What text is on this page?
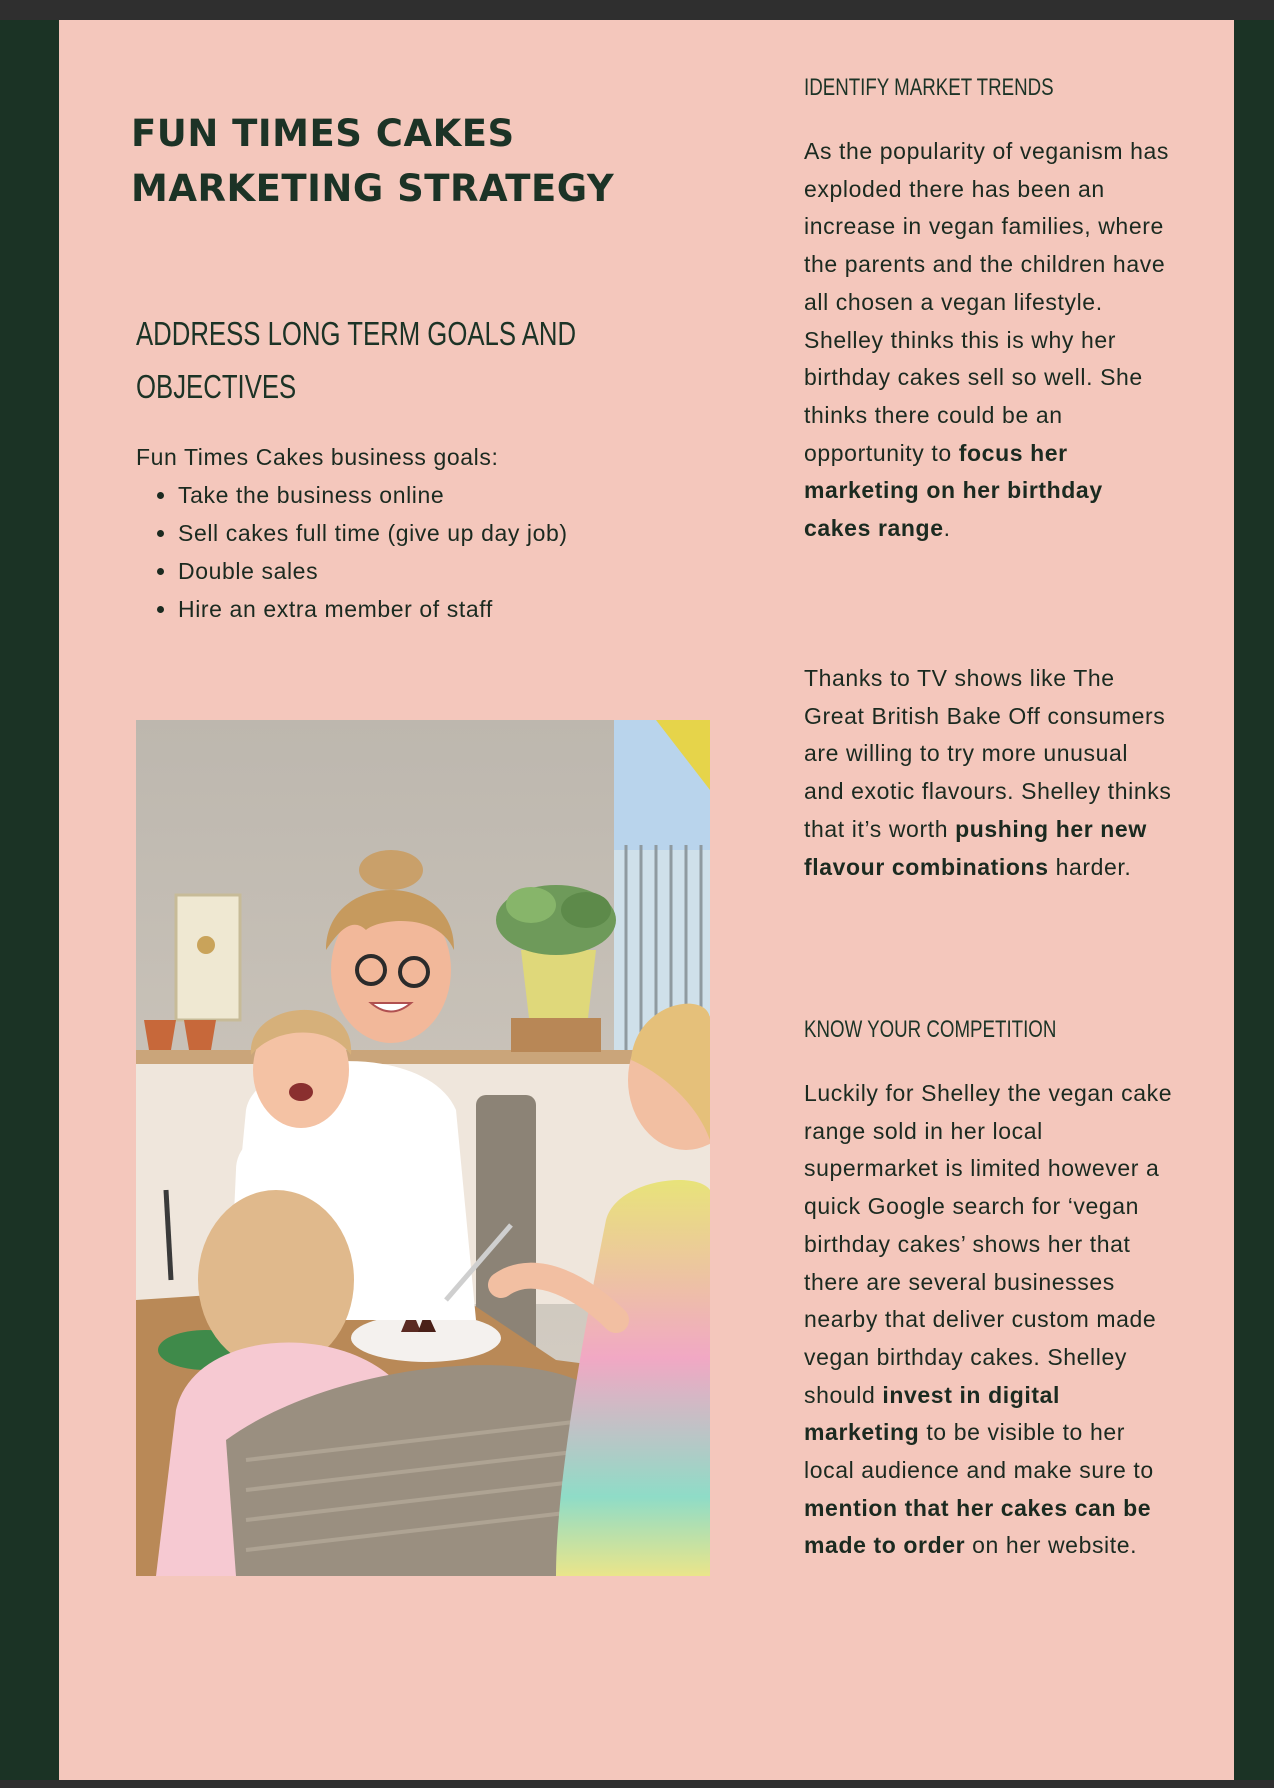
FUN TIMES CAKES
MARKETING STRATEGY
ADDRESS LONG TERM GOALS AND
OBJECTIVES
Fun Times Cakes business goals:
• Take the business online
• Sell cakes full time (give up day job)
• Double sales
• Hire an extra member of staff
IDENTIFY MARKET TRENDS

As the popularity of veganism has exploded there has been an increase in vegan families, where the parents and the children have all chosen a vegan lifestyle. Shelley thinks this is why her birthday cakes sell so well. She thinks there could be an opportunity to focus her marketing on her birthday cakes range.

Thanks to TV shows like The Great British Bake Off consumers are willing to try more unusual and exotic flavours. Shelley thinks that it’s worth pushing her new flavour combinations harder.

KNOW YOUR COMPETITION

Luckily for Shelley the vegan cake range sold in her local supermarket is limited however a quick Google search for ‘vegan birthday cakes’ shows her that there are several businesses nearby that deliver custom made vegan birthday cakes. Shelley should invest in digital marketing to be visible to her local audience and make sure to mention that her cakes can be made to order on her website.
